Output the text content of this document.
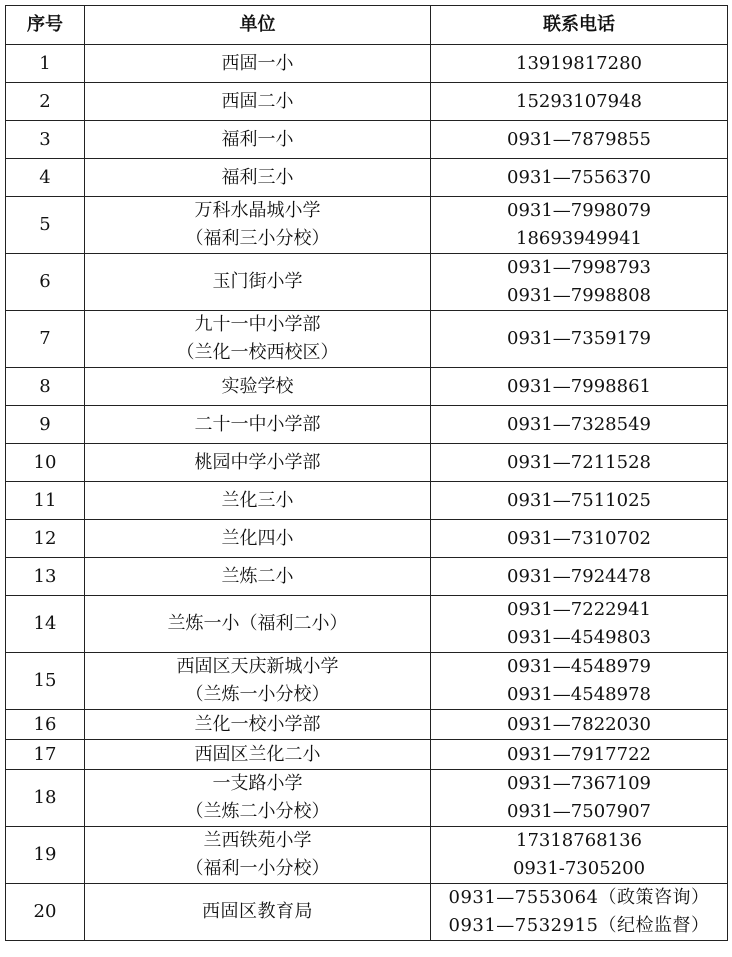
序号	单位	联系电话
1	西固一小	13919817280

2	西固二小	15293107948

3	福利一小	0931—7879855

4	福利三小	0931—7556370

5	万科水晶城小学
（福利三小分校）	0931—7998079
18693949941

6	玉门街小学	0931—7998793
0931—7998808

7	九十一中小学部
（兰化一校西校区）	0931—7359179

8	实验学校	0931—7998861

9	二十一中小学部	0931—7328549

10	桃园中学小学部	0931—7211528

11	兰化三小	0931—7511025

12	兰化四小	0931—7310702

13	兰炼二小	0931—7924478

14	兰炼一小（福利二小）	0931—7222941
0931—4549803

15	西固区天庆新城小学
（兰炼一小分校）	0931—4548979
0931—4548978

16	兰化一校小学部	0931—7822030

17	西固区兰化二小	0931—7917722

18	一支路小学
（兰炼二小分校）	0931—7367109
0931—7507907

19	兰西铁苑小学
（福利一小分校）	17318768136
0931-7305200

20	西固区教育局	0931—7553064（政策咨询）
0931—7532915（纪检监督）
